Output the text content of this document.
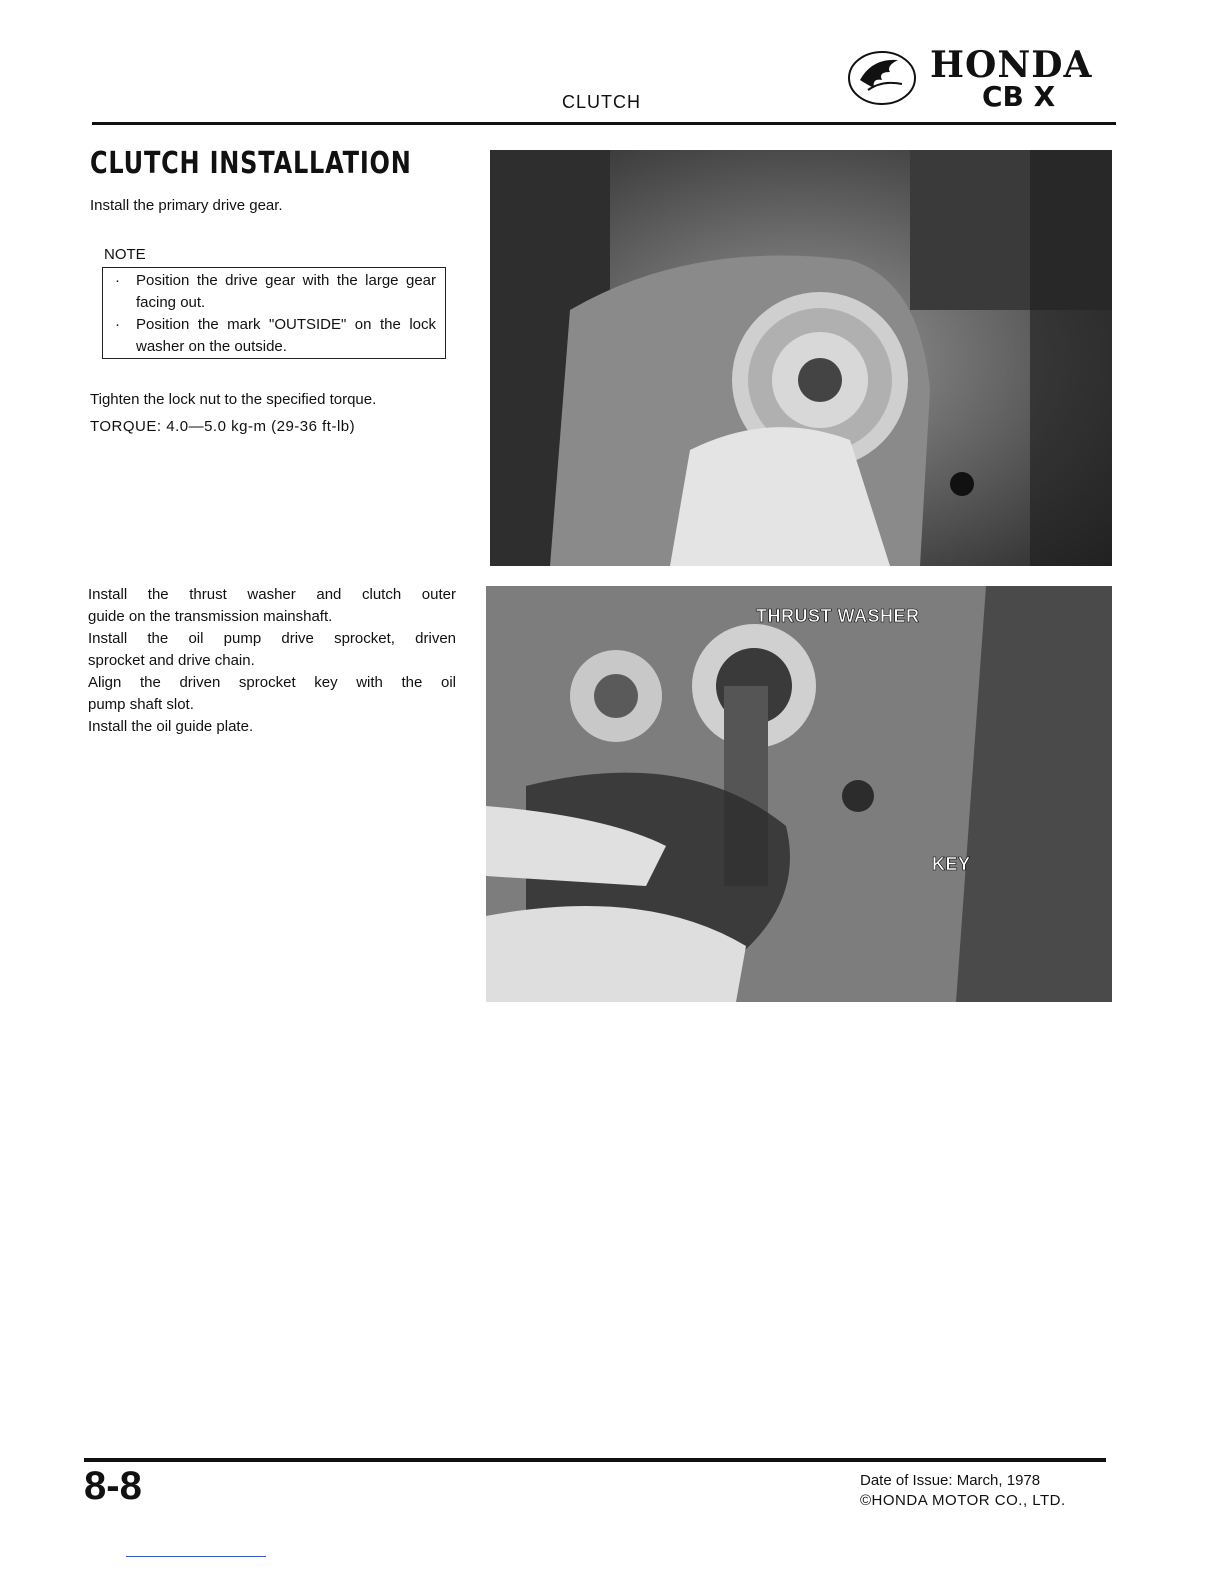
CLUTCH
HONDA
CB X
CLUTCH INSTALLATION
Install the primary drive gear.
NOTE
· Position the drive gear with the large gear facing out.
· Position the mark "OUTSIDE" on the lock washer on the outside.
Tighten the lock nut to the specified torque.
TORQUE: 4.0—5.0 kg-m (29-36 ft-lb)
Install the thrust washer and clutch outer
guide on the transmission mainshaft.
Install the oil pump drive sprocket, driven
sprocket and drive chain.
Align the driven sprocket key with the oil
pump shaft slot.
Install the oil guide plate.
THRUST WASHER
KEY
8-8	Date of Issue: March, 1978
©HONDA MOTOR CO., LTD.
